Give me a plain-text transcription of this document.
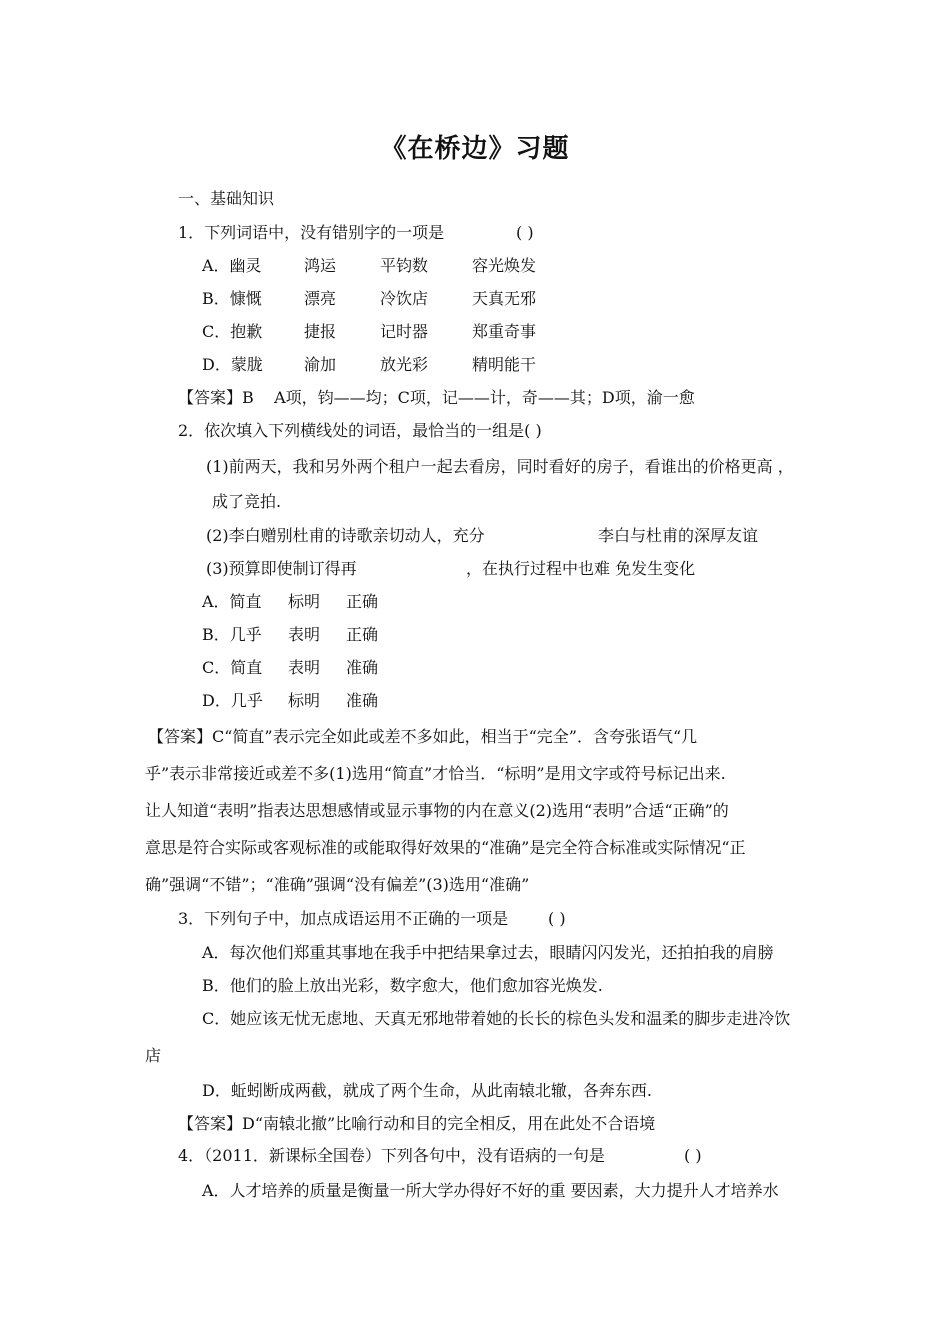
《在桥边》习题
一、基础知识
1．下列词语中，没有错别字的一项是	( )
A．幽灵	鸿运	平钧数	容光焕发
B．慷慨	漂亮	冷饮店	天真无邪
C．抱歉	捷报	记时器	郑重奇事
D．蒙胧	渝加	放光彩	精明能干
【答案】B    A项，钧——均；C项，记——计，奇——其；D项，渝一愈
2．依次填入下列横线处的词语，最恰当的一组是( )
(1)前两天，我和另外两个租户一起去看房，同时看好的房子，看谁出的价格更高 ，
成了竞拍.
(2)李白赠别杜甫的诗歌亲切动人，充分	李白与杜甫的深厚友谊
(3)预算即使制订得再	，在执行过程中也难 免发生变化
A．简直 标明 正确
B．几乎 表明 正确
C．简直 表明 准确
D．几乎 标明 准确
【答案】C“简直”表示完全如此或差不多如此，相当于“完全”．含夸张语气“几
乎”表示非常接近或差不多(1)选用“简直”才恰当．“标明”是用文字或符号标记出来.
让人知道“表明”指表达思想感情或显示事物的内在意义(2)选用“表明”合适“正确”的
意思是符合实际或客观标准的或能取得好效果的“准确”是完全符合标准或实际情况“正
确”强调“不错”；“准确”强调“没有偏差”(3)选用“准确”
3．下列句子中，加点成语运用不正确的一项是 ( )
A．每次他们郑重其事地在我手中把结果拿过去，眼睛闪闪发光，还拍拍我的肩膀
B．他们的脸上放出光彩，数字愈大，他们愈加容光焕发.
C．她应该无忧无虑地、天真无邪地带着她的长长的棕色头发和温柔的脚步走进冷饮
店
D．蚯蚓断成两截，就成了两个生命，从此南辕北辙，各奔东西.
【答案】D“南辕北撤”比喻行动和目的完全相反，用在此处不合语境
4．（2011．新课标全国卷）下列各句中，没有语病的一句是	( )
A．人才培养的质量是衡量一所大学办得好不好的重 要因素，大力提升人才培养水
